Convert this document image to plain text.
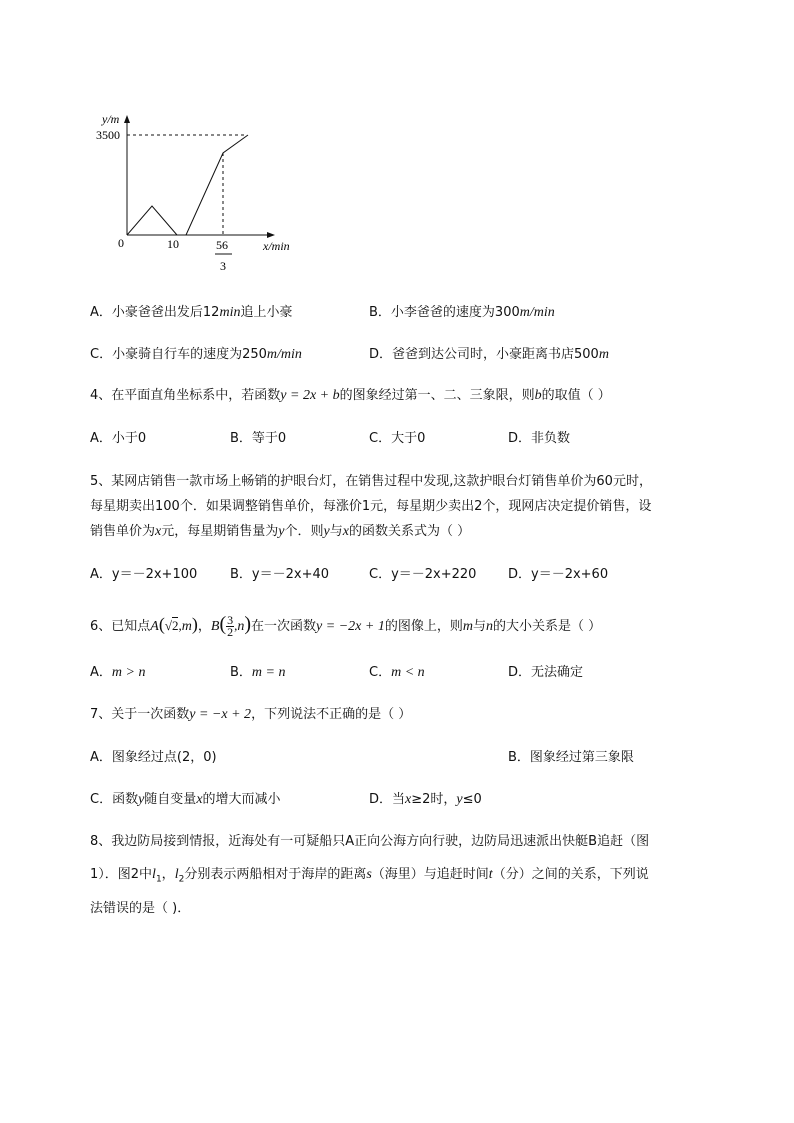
y/m
3500
0	10	56
3
x/min
A．小豪爸爸出发后12min追上小豪	B．小李爸爸的速度为300m/min
C．小豪骑自行车的速度为250m/min	D．爸爸到达公司时，小豪距离书店500m
4、在平面直角坐标系中，若函数y = 2x + b的图象经过第一、二、三象限，则b的取值（ ）
A．小于0	B．等于0	C．大于0	D．非负数
5、某网店销售一款市场上畅销的护眼台灯，在销售过程中发现,这款护眼台灯销售单价为60元时，
每星期卖出100个．如果调整销售单价，每涨价1元，每星期少卖出2个，现网店决定提价销售，设
销售单价为x元，每星期销售量为y个．则y与x的函数关系式为（ ）
A．y＝－2x+100	B．y＝－2x+40	C．y＝－2x+220 D．y＝－2x+60
6、已知点A(√2,m)，$B( \frac{3}{2} ,n)$在一次函数y = −2x + 1的图像上，则m与n的大小关系是（ ）
A．m > n	B．m = n	C．m < n	D．无法确定
7、关于一次函数y = −x + 2，下列说法不正确的是（ ）
A．图象经过点(2，0)	B．图象经过第三象限
C．函数y随自变量x的增大而减小	D．当x≥2时，y≤0
8、我边防局接到情报，近海处有一可疑船只A正向公海方向行驶，边防局迅速派出快艇B追赶（图
1）．图2中$l_1$，$l_2$分别表示两船相对于海岸的距离s（海里）与追赶时间t（分）之间的关系，下列说
法错误的是（ )．
